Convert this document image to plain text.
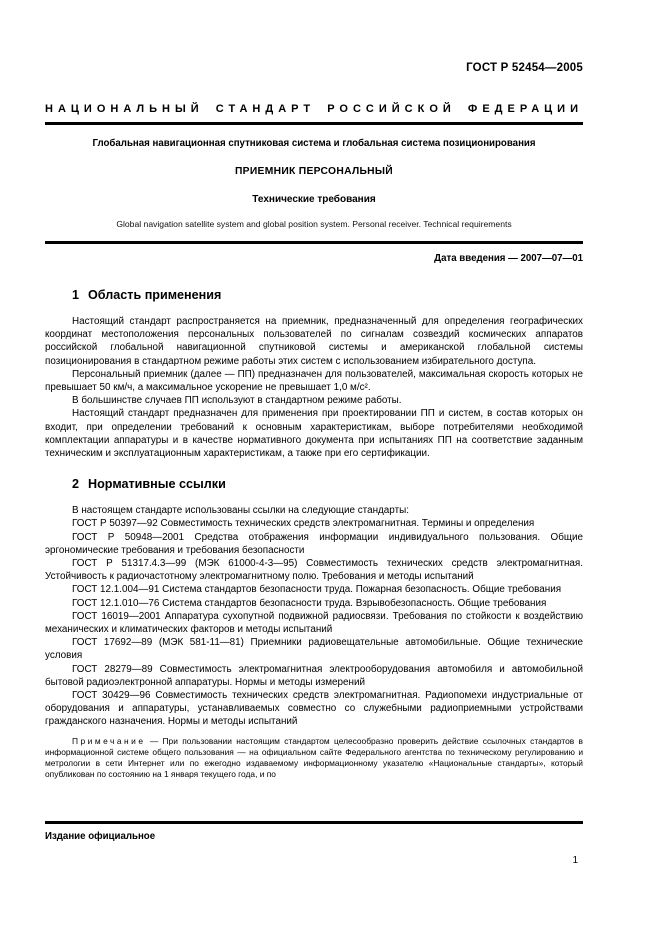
ГОСТ Р 52454—2005
НАЦИОНАЛЬНЫЙ СТАНДАРТ РОССИЙСКОЙ ФЕДЕРАЦИИ
Глобальная навигационная спутниковая система и глобальная система позиционирования
ПРИЕМНИК ПЕРСОНАЛЬНЫЙ
Технические требования
Global navigation satellite system and global position system. Personal receiver. Technical requirements
Дата введения — 2007—07—01
1 Область применения

Настоящий стандарт распространяется на приемник, предназначенный для определения географических координат местоположения персональных пользователей по сигналам созвездий космических аппаратов российской глобальной навигационной спутниковой системы и американской глобальной системы позиционирования в стандартном режиме работы этих систем с использованием избирательного доступа.

Персональный приемник (далее — ПП) предназначен для пользователей, максимальная скорость которых не превышает 50 км/ч, а максимальное ускорение не превышает 1,0 м/с².

В большинстве случаев ПП используют в стандартном режиме работы.

Настоящий стандарт предназначен для применения при проектировании ПП и систем, в состав которых он входит, при определении требований к основным характеристикам, выборе потребителями необходимой комплектации аппаратуры и в качестве нормативного документа при испытаниях ПП на соответствие заданным техническим и эксплуатационным характеристикам, а также при его сертификации.

2 Нормативные ссылки

В настоящем стандарте использованы ссылки на следующие стандарты:

ГОСТ Р 50397—92 Совместимость технических средств электромагнитная. Термины и определения

ГОСТ Р 50948—2001 Средства отображения информации индивидуального пользования. Общие эргономические требования и требования безопасности

ГОСТ Р 51317.4.3—99 (МЭК 61000-4-3—95) Совместимость технических средств электромагнитная. Устойчивость к радиочастотному электромагнитному полю. Требования и методы испытаний

ГОСТ 12.1.004—91 Система стандартов безопасности труда. Пожарная безопасность. Общие требования

ГОСТ 12.1.010—76 Система стандартов безопасности труда. Взрывобезопасность. Общие требования

ГОСТ 16019—2001 Аппаратура сухопутной подвижной радиосвязи. Требования по стойкости к воздействию механических и климатических факторов и методы испытаний

ГОСТ 17692—89 (МЭК 581-11—81) Приемники радиовещательные автомобильные. Общие технические условия

ГОСТ 28279—89 Совместимость электромагнитная электрооборудования автомобиля и автомобильной бытовой радиоэлектронной аппаратуры. Нормы и методы измерений

ГОСТ 30429—96 Совместимость технических средств электромагнитная. Радиопомехи индустриальные от оборудования и аппаратуры, устанавливаемых совместно со служебными радиоприемными устройствами гражданского назначения. Нормы и методы испытаний

Примечание — При пользовании настоящим стандартом целесообразно проверить действие ссылочных стандартов в информационной системе общего пользования — на официальном сайте Федерального агентства по техническому регулированию и метрологии в сети Интернет или по ежегодно издаваемому информационному указателю «Национальные стандарты», который опубликован по состоянию на 1 января текущего года, и по
Издание официальное
1
